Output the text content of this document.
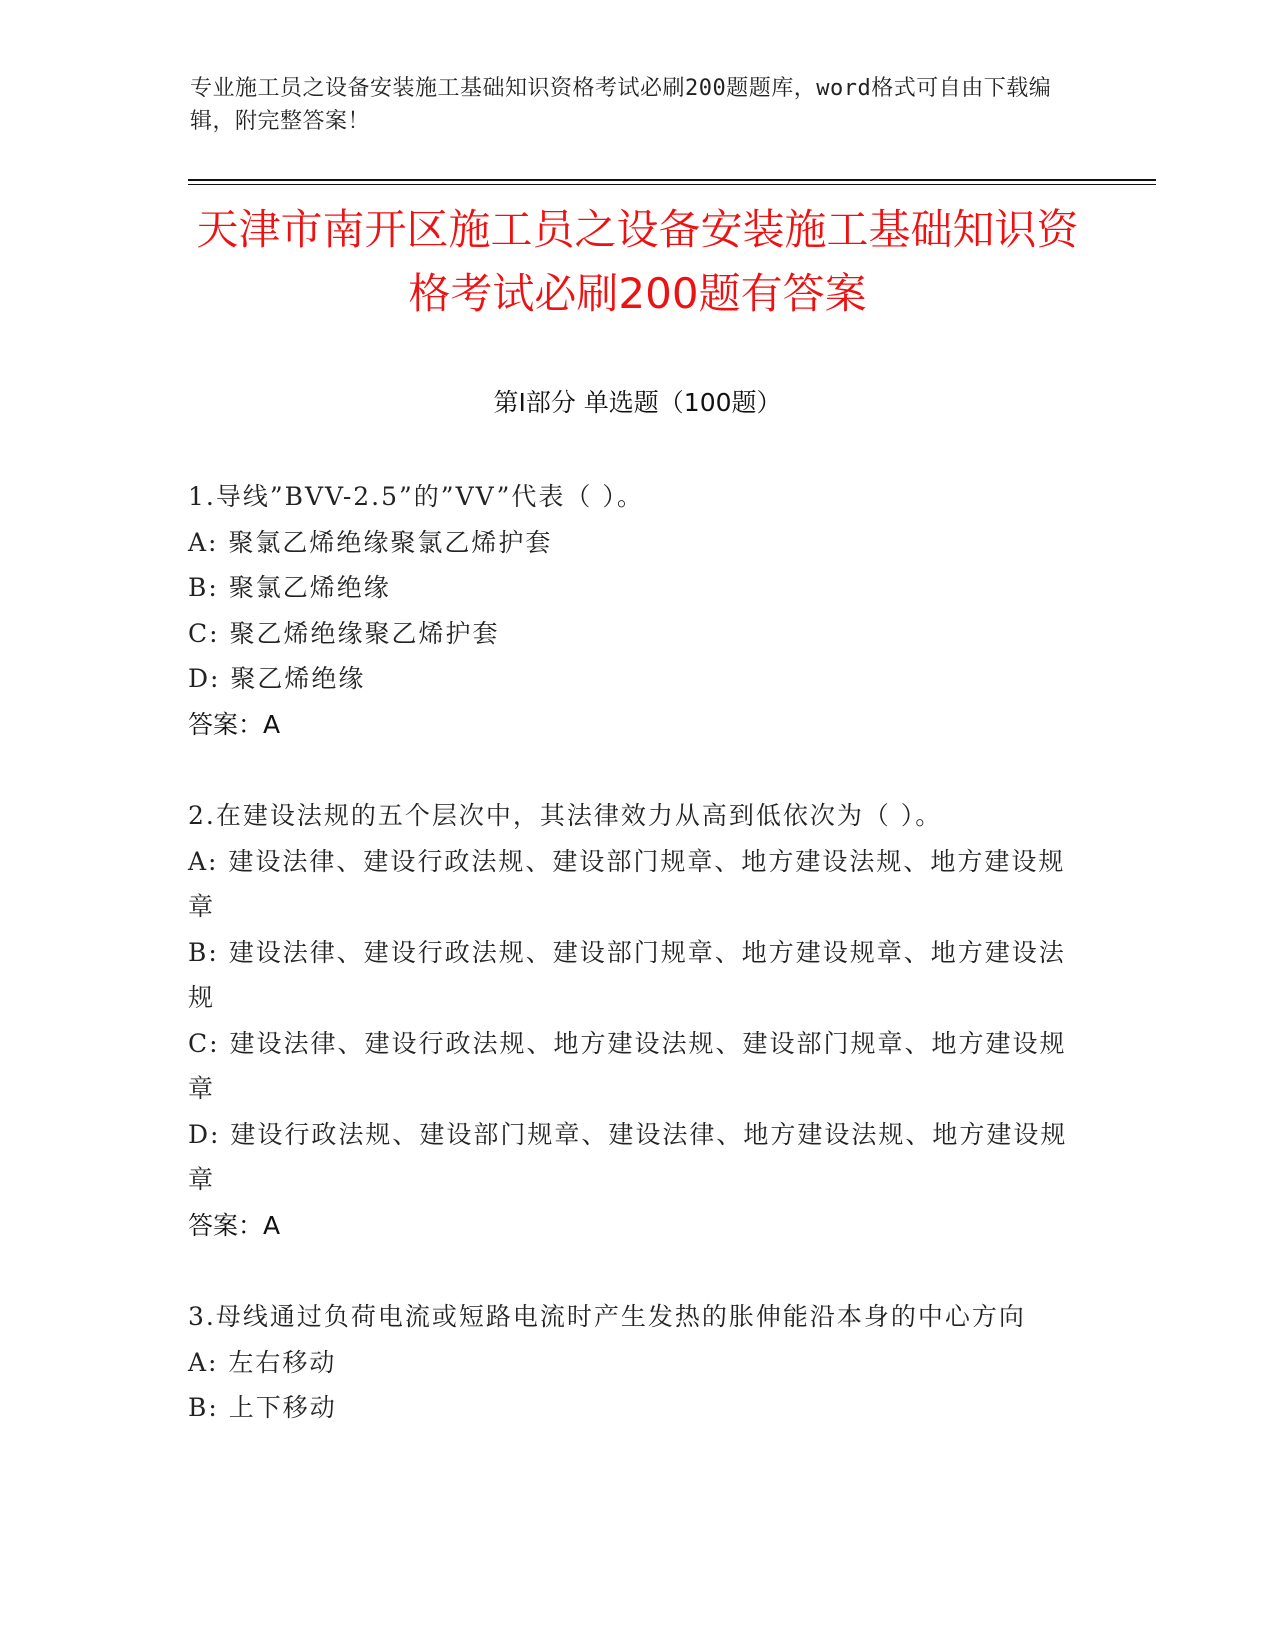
专业施工员之设备安装施工基础知识资格考试必刷200题题库，word格式可自由下载编辑，附完整答案！
天津市南开区施工员之设备安装施工基础知识资格考试必刷200题有答案
第Ⅰ部分 单选题（100题）

1.导线”BVV-2.5”的”VV”代表（ ）。

A: 聚氯乙烯绝缘聚氯乙烯护套

B: 聚氯乙烯绝缘

C: 聚乙烯绝缘聚乙烯护套

D: 聚乙烯绝缘

答案：A

2.在建设法规的五个层次中，其法律效力从高到低依次为（ ）。

A: 建设法律、建设行政法规、建设部门规章、地方建设法规、地方建设规章

B: 建设法律、建设行政法规、建设部门规章、地方建设规章、地方建设法规

C: 建设法律、建设行政法规、地方建设法规、建设部门规章、地方建设规章

D: 建设行政法规、建设部门规章、建设法律、地方建设法规、地方建设规章

答案：A

3.母线通过负荷电流或短路电流时产生发热的胀伸能沿本身的中心方向

A: 左右移动

B: 上下移动
